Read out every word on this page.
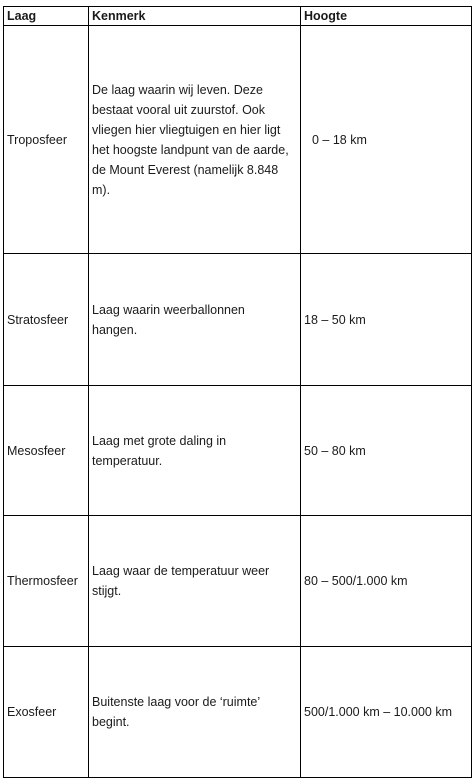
Laag	Kenmerk	Hoogte
Troposfeer	De laag waarin wij leven. Deze bestaat vooral uit zuurstof. Ook vliegen hier vliegtuigen en hier ligt het hoogste landpunt van de aarde, de Mount Everest (namelijk 8.848 m).	0 – 18 km

Stratosfeer	Laag waarin weerballonnen hangen.	18 – 50 km

Mesosfeer	Laag met grote daling in temperatuur.	50 – 80 km

Thermosfeer	Laag waar de temperatuur weer stijgt.	80 – 500/1.000 km

Exosfeer	Buitenste laag voor de ‘ruimte’ begint.	500/1.000 km – 10.000 km
